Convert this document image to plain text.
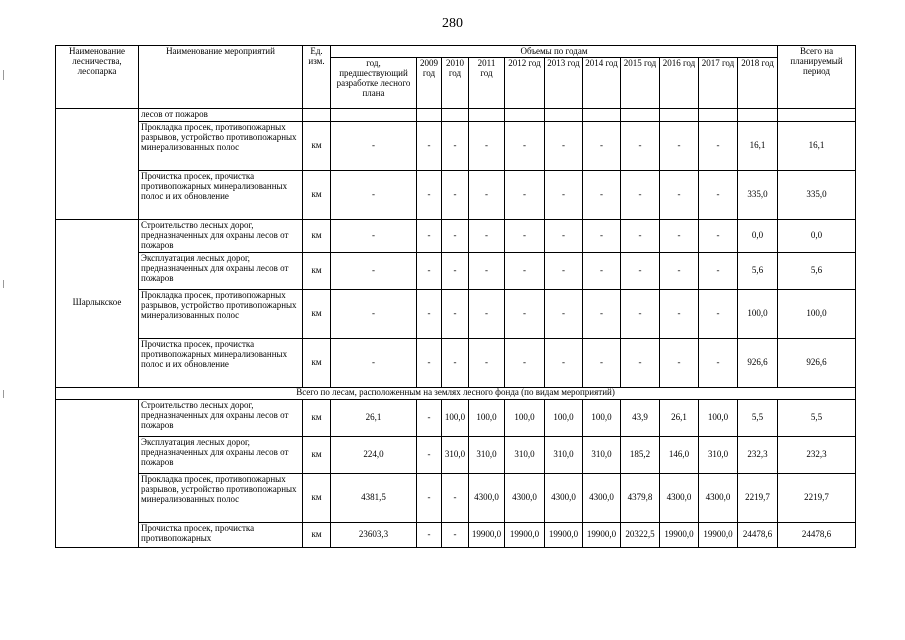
280
Наименование лесничества, лесопарка	Наименование мероприятий	Ед. изм.	Объемы по годам											Всего на планируемый период
			год, предшествующий разработке лесного плана	2009 год	2010 год	2011 год	2012 год	2013 год	2014 год	2015 год	2016 год	2017 год	2018 год	
	лесов от пожаров													
	Прокладка просек, противопожарных разрывов, устройство противопожарных минерализованных полос	км	-	-	-	-	-	-	-	-	-	-	16,1	16,1
	Прочистка просек, прочистка противопожарных минерализованных полос и их обновление	км	-	-	-	-	-	-	-	-	-	-	335,0	335,0
Шарлыкское	Строительство лесных дорог, предназначенных для охраны лесов от пожаров	км	-	-	-	-	-	-	-	-	-	-	0,0	0,0
	Эксплуатация лесных дорог, предназначенных для охраны лесов от пожаров	км	-	-	-	-	-	-	-	-	-	-	5,6	5,6
	Прокладка просек, противопожарных разрывов, устройство противопожарных минерализованных полос	км	-	-	-	-	-	-	-	-	-	-	100,0	100,0
	Прочистка просек, прочистка противопожарных минерализованных полос и их обновление	км	-	-	-	-	-	-	-	-	-	-	926,6	926,6
Всего по лесам, расположенным на землях лесного фонда (по видам мероприятий)														
	Строительство лесных дорог, предназначенных для охраны лесов от пожаров	км	26,1	-	100,0	100,0	100,0	100,0	100,0	43,9	26,1	100,0	5,5	5,5
	Эксплуатация лесных дорог, предназначенных для охраны лесов от пожаров	км	224,0	-	310,0	310,0	310,0	310,0	310,0	185,2	146,0	310,0	232,3	232,3
	Прокладка просек, противопожарных разрывов, устройство противопожарных минерализованных полос	км	4381,5	-	-	4300,0	4300,0	4300,0	4300,0	4379,8	4300,0	4300,0	2219,7	2219,7
	Прочистка просек, прочистка противопожарных	км	23603,3	-	-	19900,0	19900,0	19900,0	19900,0	20322,5	19900,0	19900,0	24478,6	24478,6
